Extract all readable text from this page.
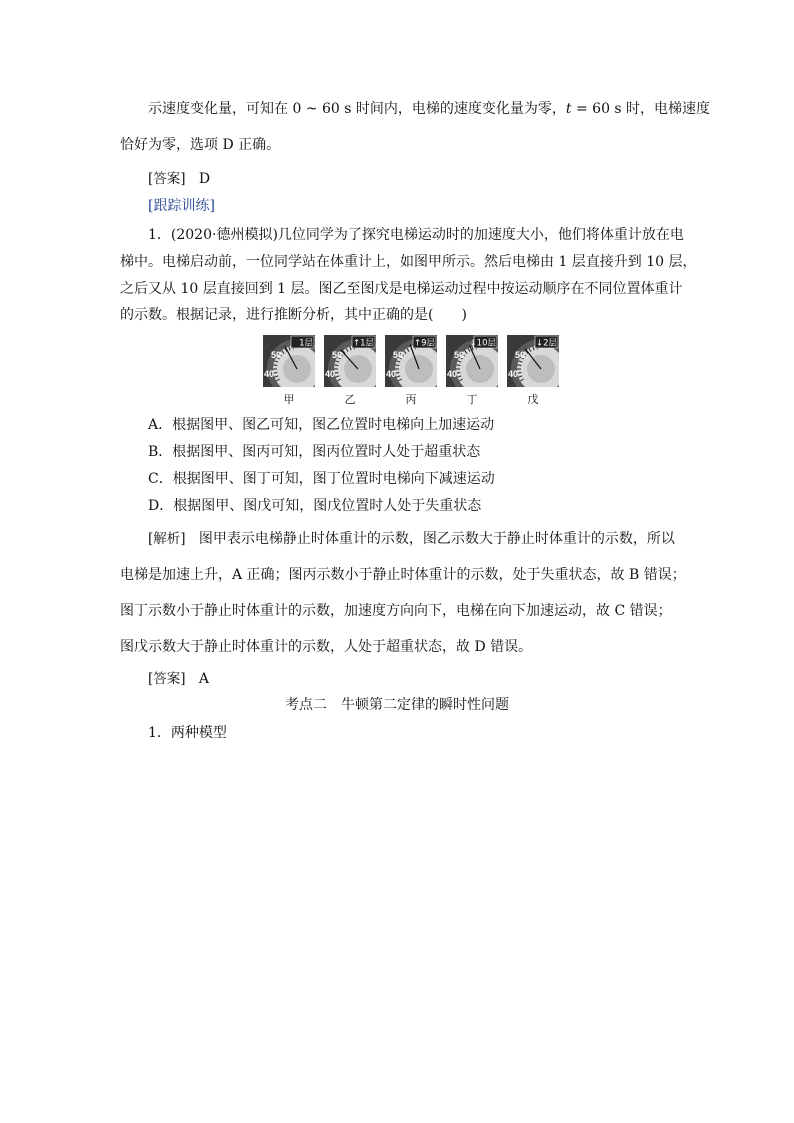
示速度变化量，可知在 0 ~ 60 s 时间内，电梯的速度变化量为零，t = 60 s 时，电梯速度
恰好为零，选项 D 正确。
[答案] D
[跟踪训练]
1．(2020·德州模拟)几位同学为了探究电梯运动时的加速度大小，他们将体重计放在电
梯中。电梯启动前，一位同学站在体重计上，如图甲所示。然后电梯由 1 层直接升到 10 层，
之后又从 10 层直接回到 1 层。图乙至图戊是电梯运动过程中按运动顺序在不同位置体重计
的示数。根据记录，进行推断分析，其中正确的是(　　)
50
40
1层
50
40
↑1层
50
40
↑9层
50
40
↓10层
50
40
↓2层
甲	乙	丙	丁	戊
A．根据图甲、图乙可知，图乙位置时电梯向上加速运动
B．根据图甲、图丙可知，图丙位置时人处于超重状态
C．根据图甲、图丁可知，图丁位置时电梯向下减速运动
D．根据图甲、图戊可知，图戊位置时人处于失重状态
[解析] 图甲表示电梯静止时体重计的示数，图乙示数大于静止时体重计的示数，所以
电梯是加速上升，A 正确；图丙示数小于静止时体重计的示数，处于失重状态，故 B 错误；
图丁示数小于静止时体重计的示数，加速度方向向下，电梯在向下加速运动，故 C 错误；
图戊示数大于静止时体重计的示数，人处于超重状态，故 D 错误。
[答案] A
考点二　牛顿第二定律的瞬时性问题
1．两种模型
